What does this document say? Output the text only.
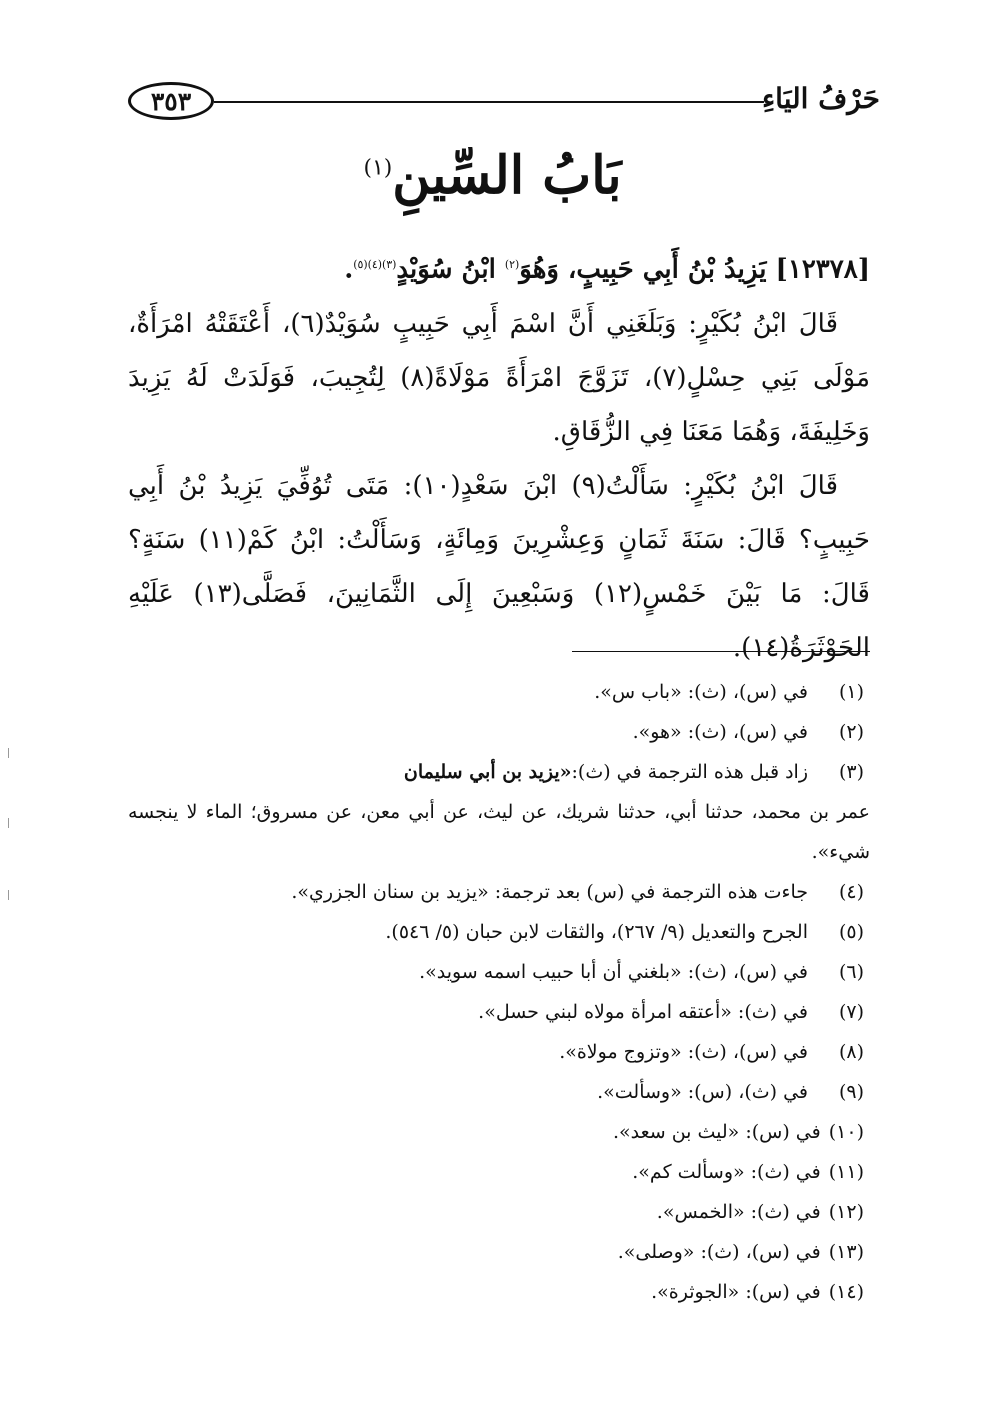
٣٥٣	حَرْفُ اليَاءِ
بَابُ السِّينِ$^{(١)}$

[١٢٣٧٨] يَزِيدُ بْنُ أَبِي حَبِيبٍ، وَهُوَ$^{(٢)}$ ابْنُ سُوَيْدٍ$^{(٣)(٤)(٥)}$.

قَالَ ابْنُ بُكَيْرٍ: وَبَلَغَنِي أَنَّ اسْمَ أَبِي حَبِيبٍ سُوَيْدٌ(٦)، أَعْتَقَتْهُ امْرَأَةٌ، مَوْلَى بَنِي حِسْلٍ(٧)، تَزَوَّجَ امْرَأَةً مَوْلَاةً(٨) لِتُجِيبَ، فَوَلَدَتْ لَهُ يَزِيدَ وَخَلِيفَةَ، وَهُمَا مَعَنَا فِي الزُّقَاقِ.

قَالَ ابْنُ بُكَيْرٍ: سَأَلْتُ(٩) ابْنَ سَعْدٍ(١٠): مَتَى تُوُفِّيَ يَزِيدُ بْنُ أَبِي حَبِيبٍ؟ قَالَ: سَنَةَ ثَمَانٍ وَعِشْرِينَ وَمِائَةٍ، وَسَأَلْتُ: ابْنُ كَمْ(١١) سَنَةٍ؟ قَالَ: مَا بَيْنَ خَمْسٍ(١٢) وَسَبْعِينَ إِلَى الثَّمَانِينَ، فَصَلَّى(١٣) عَلَيْهِ الحَوْثَرَةُ(١٤).

(١)
في (س)، (ث): «باب س».
(٢)
في (س)، (ث): «هو».
(٣)
زاد قبل هذه الترجمة في (ث):
«يزيد بن أبي سليمان
عمر بن محمد، حدثنا أبي، حدثنا شريك، عن ليث، عن أبي معن، عن مسروق؛ الماء لا ينجسه شيء».
(٤)
جاءت هذه الترجمة في (س) بعد ترجمة: «يزيد بن سنان الجزري».
(٥)
الجرح والتعديل (٩/ ٢٦٧)، والثقات لابن حبان (٥/ ٥٤٦).
(٦)
في (س)، (ث): «بلغني أن أبا حبيب اسمه سويد».
(٧)
في (ث): «أعتقه امرأة مولاه لبني حسل».
(٨)
في (س)، (ث): «وتزوج مولاة».
(٩)
في (ث)، (س): «وسألت».
(١٠)
في (س): «ليث بن سعد».
(١١)
في (ث): «وسألت كم».
(١٢)
في (ث): «الخمس».
(١٣)
في (س)، (ث): «وصلى».
(١٤)
في (س): «الجوثرة».
